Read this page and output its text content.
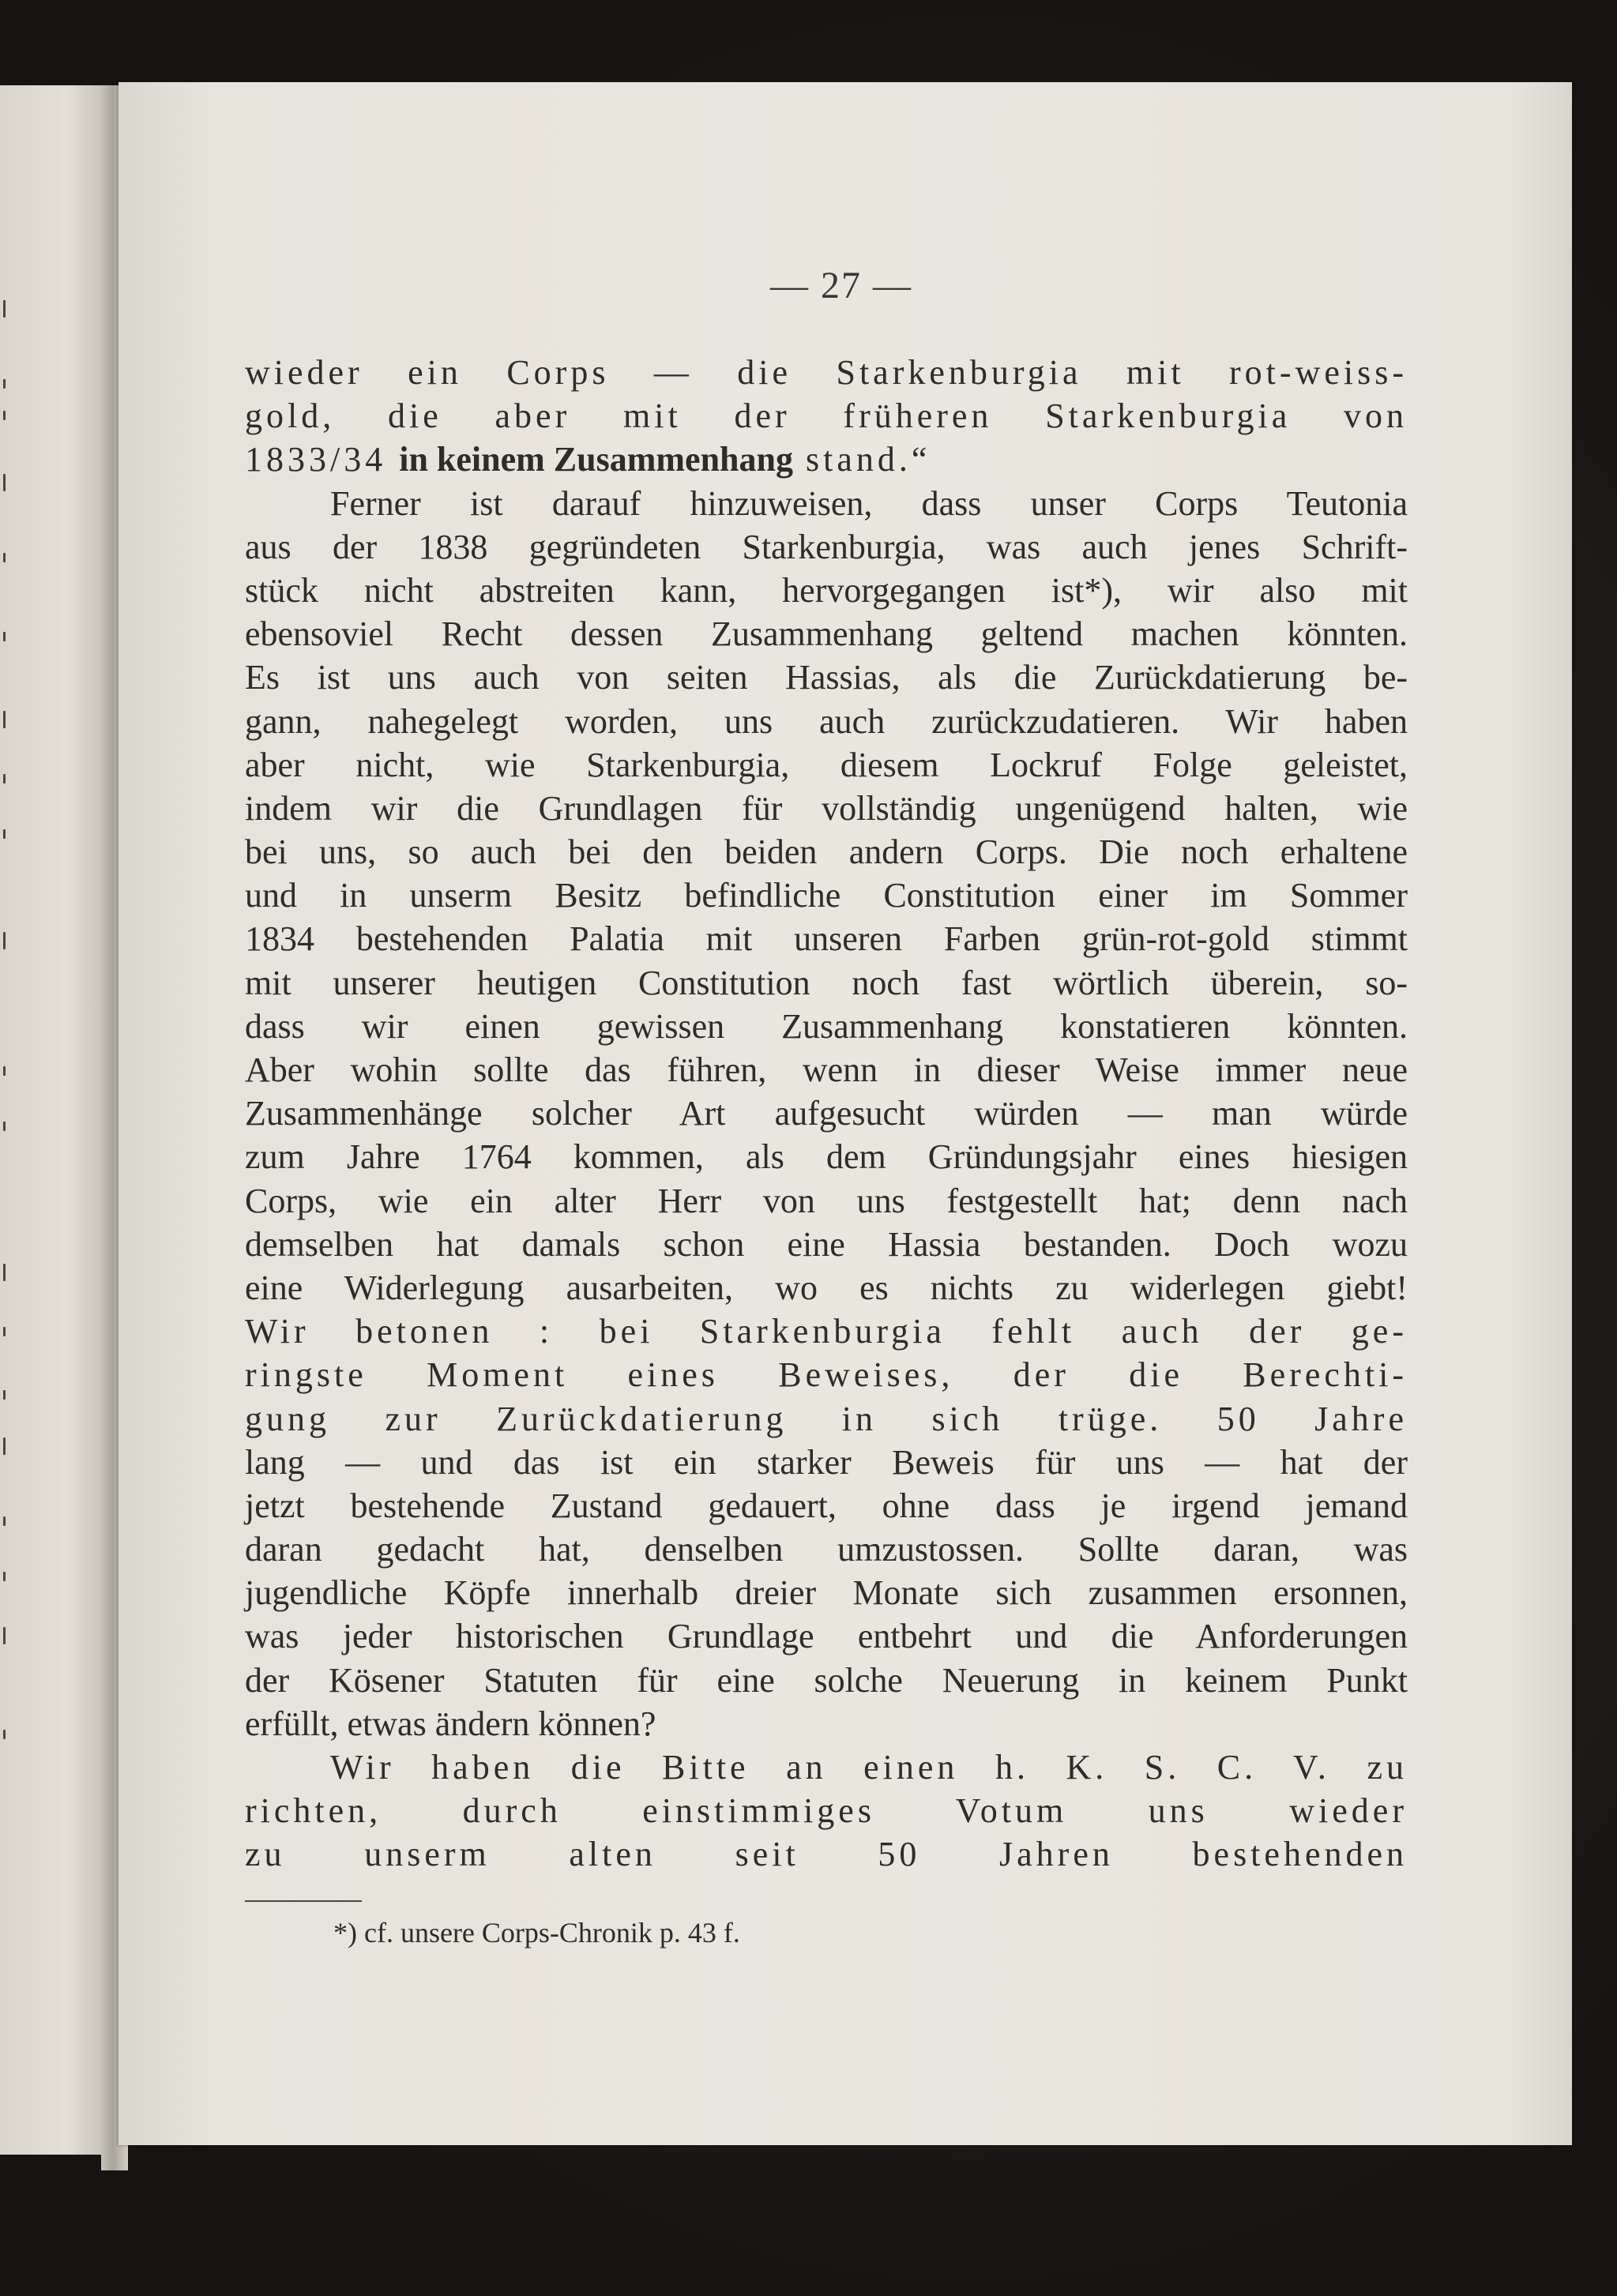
— 27 —
wieder ein Corps — die Starkenburgia mit rot-weiss-
gold, die aber mit der früheren Starkenburgia von
1833/34 in keinem Zusammenhang stand.“
Ferner ist darauf hinzuweisen, dass unser Corps Teutonia
aus der 1838 gegründeten Starkenburgia, was auch jenes Schrift-
stück nicht abstreiten kann, hervorgegangen ist*), wir also mit
ebensoviel Recht dessen Zusammenhang geltend machen könnten.
Es ist uns auch von seiten Hassias, als die Zurückdatierung be-
gann, nahegelegt worden, uns auch zurückzudatieren. Wir haben
aber nicht, wie Starkenburgia, diesem Lockruf Folge geleistet,
indem wir die Grundlagen für vollständig ungenügend halten, wie
bei uns, so auch bei den beiden andern Corps. Die noch erhaltene
und in unserm Besitz befindliche Constitution einer im Sommer
1834 bestehenden Palatia mit unseren Farben grün-rot-gold stimmt
mit unserer heutigen Constitution noch fast wörtlich überein, so-
dass wir einen gewissen Zusammenhang konstatieren könnten.
Aber wohin sollte das führen, wenn in dieser Weise immer neue
Zusammenhänge solcher Art aufgesucht würden — man würde
zum Jahre 1764 kommen, als dem Gründungsjahr eines hiesigen
Corps, wie ein alter Herr von uns festgestellt hat; denn nach
demselben hat damals schon eine Hassia bestanden. Doch wozu
eine Widerlegung ausarbeiten, wo es nichts zu widerlegen giebt!
Wir betonen : bei Starkenburgia fehlt auch der ge-
ringste Moment eines Beweises, der die Berechti-
gung zur Zurückdatierung in sich trüge. 50 Jahre
lang — und das ist ein starker Beweis für uns — hat der
jetzt bestehende Zustand gedauert, ohne dass je irgend jemand
daran gedacht hat, denselben umzustossen. Sollte daran, was
jugendliche Köpfe innerhalb dreier Monate sich zusammen ersonnen,
was jeder historischen Grundlage entbehrt und die Anforderungen
der Kösener Statuten für eine solche Neuerung in keinem Punkt
erfüllt, etwas ändern können?
Wir haben die Bitte an einen h. K. S. C. V. zu
richten, durch einstimmiges Votum uns wieder
zu unserm alten seit 50 Jahren bestehenden
*) cf. unsere Corps-Chronik p. 43 f.
